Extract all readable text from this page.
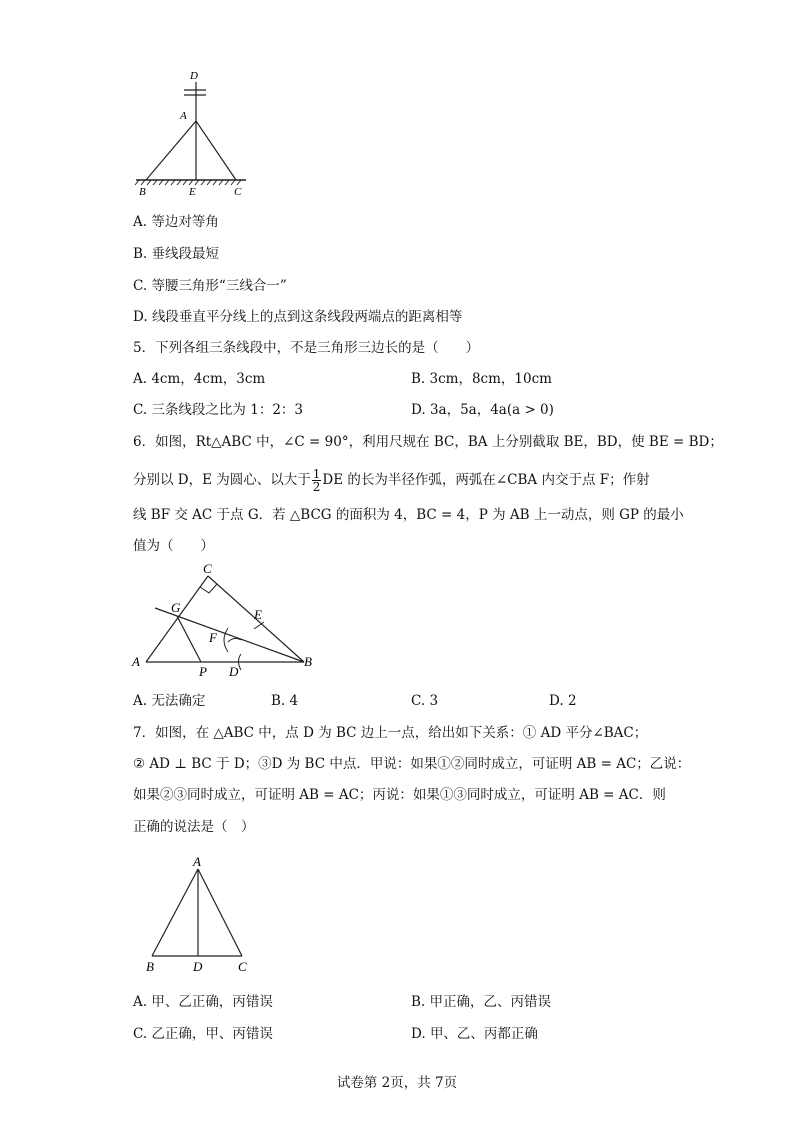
D
A
B	E	C
A. 等边对等角
B. 垂线段最短
C. 等腰三角形“三线合一”
D. 线段垂直平分线上的点到这条线段两端点的距离相等
5．下列各组三条线段中，不是三角形三边长的是（　　）
A. 4cm，4cm，3cm	B. 3cm，8cm，10cm
C. 三条线段之比为 1：2：3	D. 3a，5a，4a(a > 0)
6．如图，Rt△ABC 中，∠C = 90°，利用尺规在 BC，BA 上分别截取 BE，BD，使 BE = BD；
分别以 D，E 为圆心、以大于 $\frac{1}{2}$ DE 的长为半径作弧，两弧在∠CBA 内交于点 F；作射
线 BF 交 AC 于点 G．若 △BCG 的面积为 4，BC = 4，P 为 AB 上一动点，则 GP 的最小
值为（　　）
C
G	E
F
A
P D
B
A. 无法确定	B. 4	C. 3	D. 2
7．如图，在 △ABC 中，点 D 为 BC 边上一点，给出如下关系：① AD 平分∠BAC；
② AD ⊥ BC 于 D；③D 为 BC 中点．甲说：如果①②同时成立，可证明 AB = AC；乙说：
如果②③同时成立，可证明 AB = AC；丙说：如果①③同时成立，可证明 AB = AC．则
正确的说法是（　）
A
B	D	C
A. 甲、乙正确，丙错误	B. 甲正确，乙、丙错误
C. 乙正确，甲、丙错误	D. 甲、乙、丙都正确
试卷第 2页，共 7页
